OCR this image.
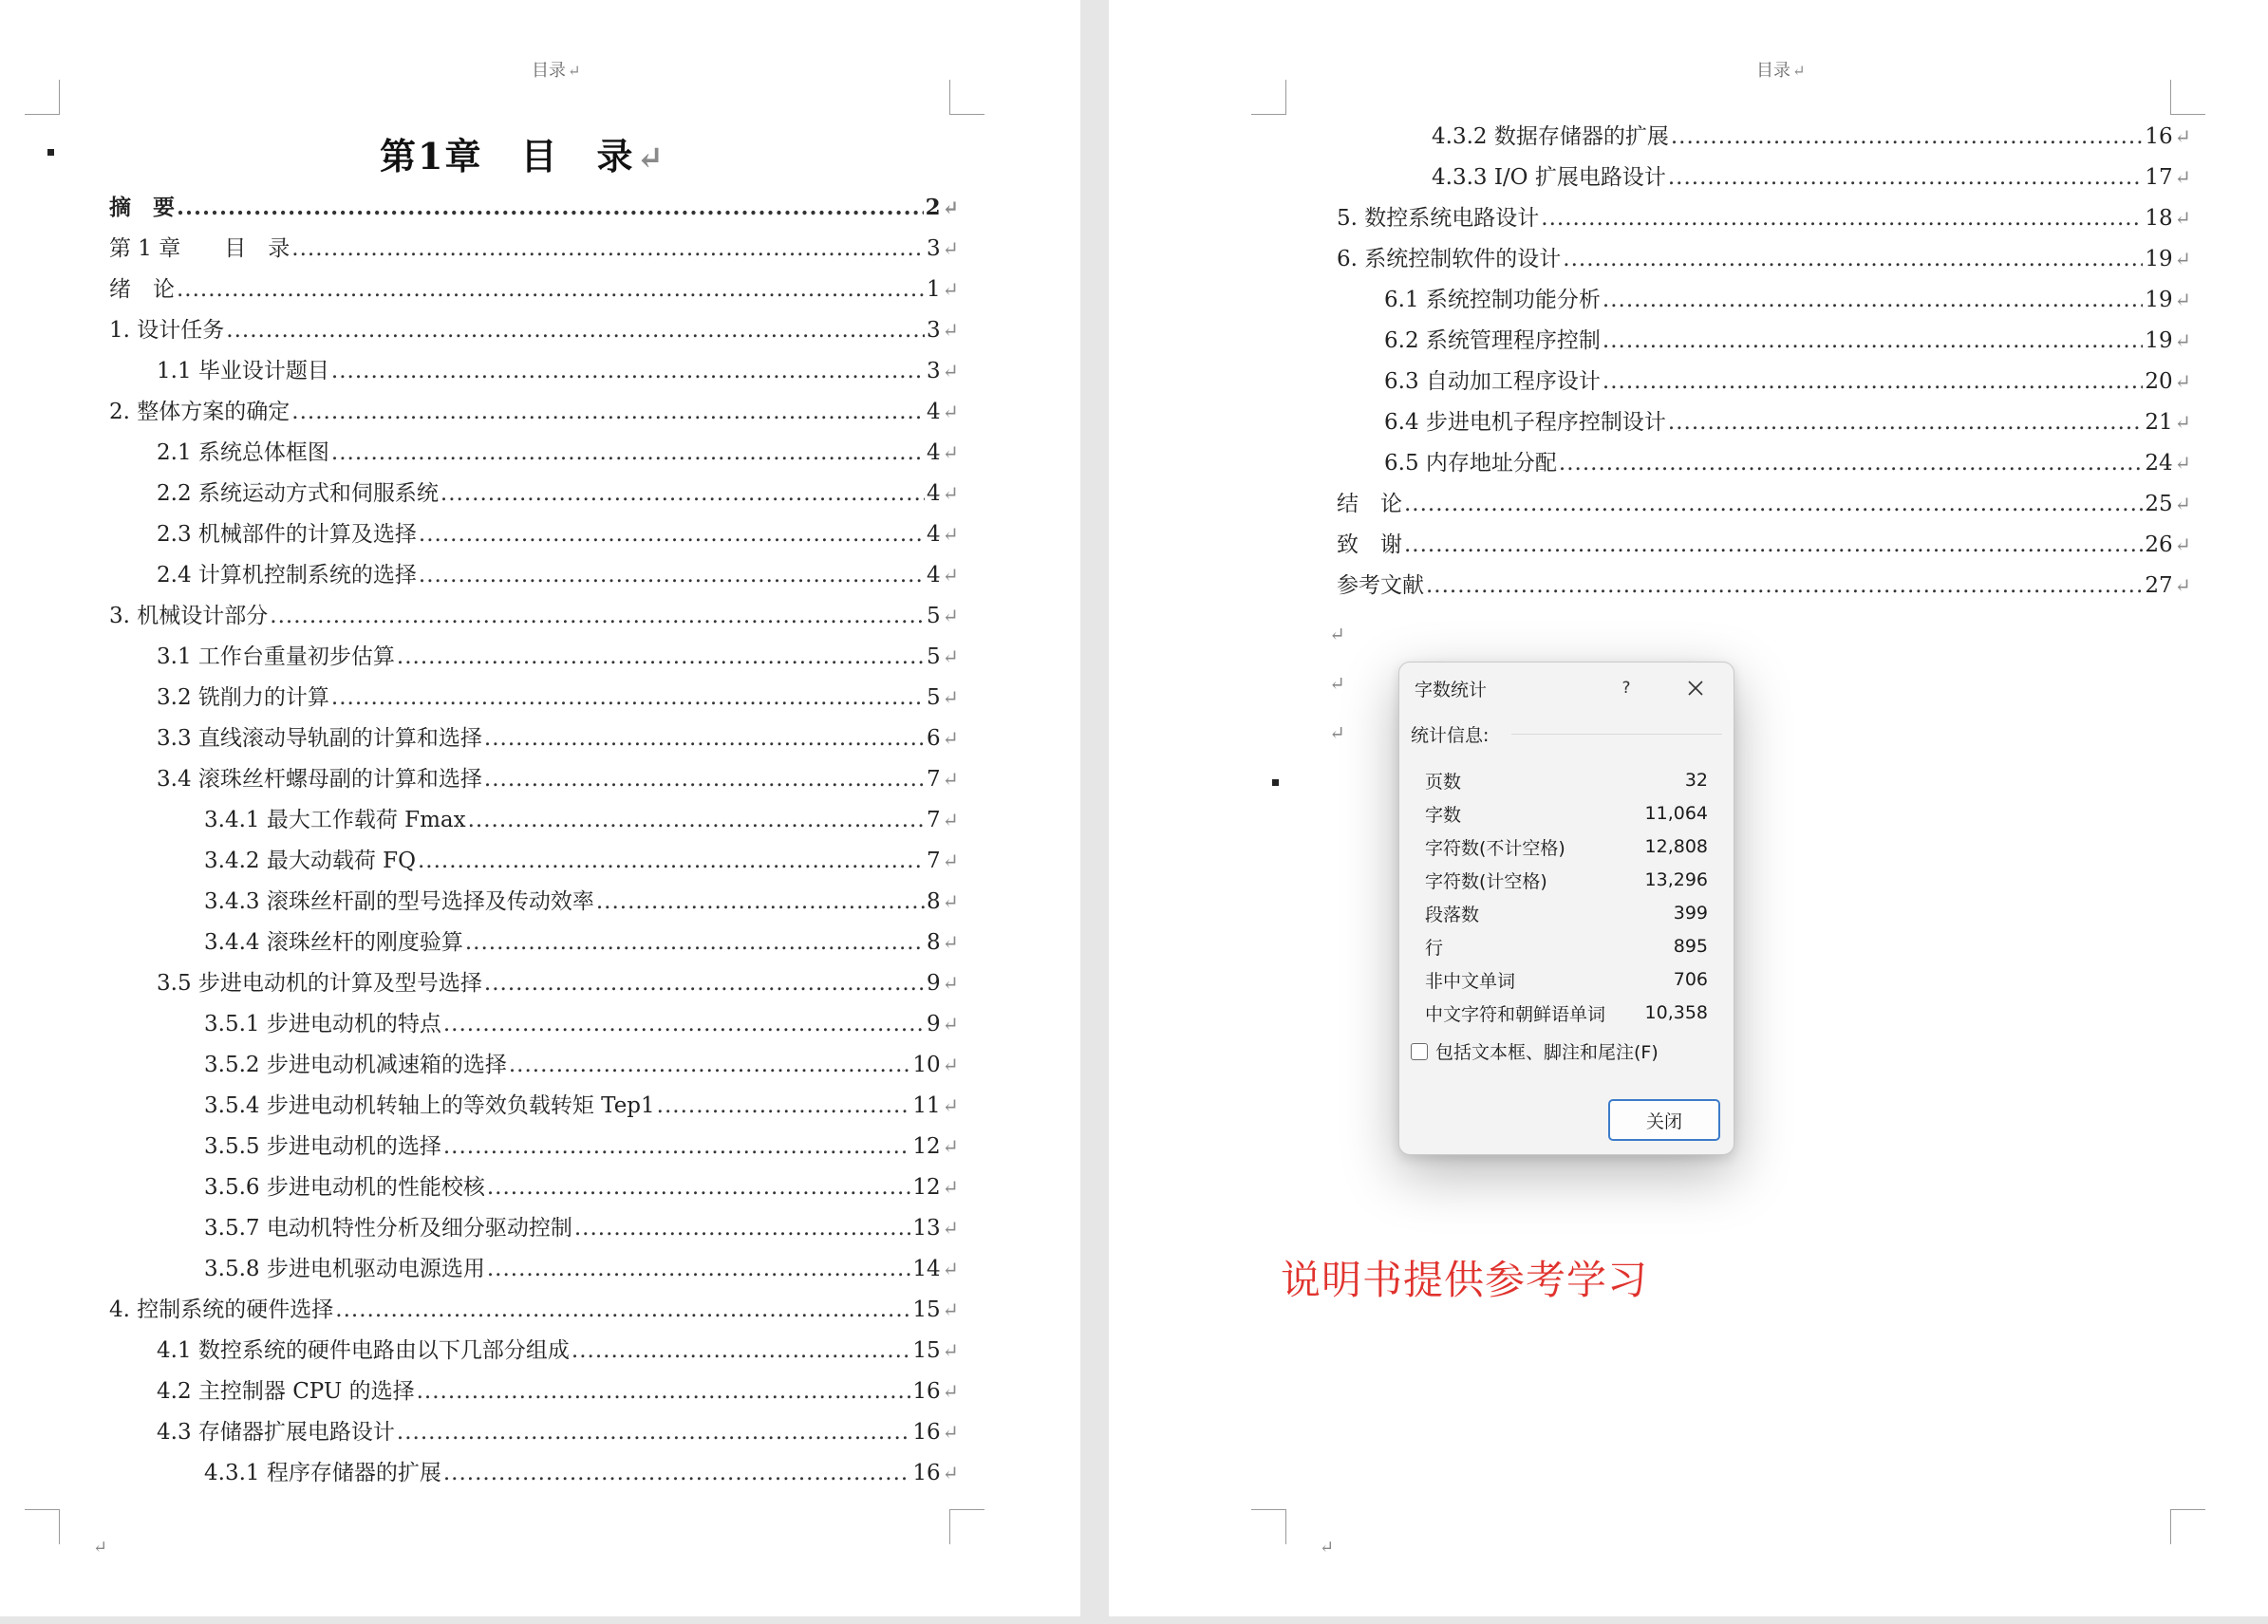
目录 ↵
第1章　目　录↵
摘　要 .....	2 ↵
第 1 章　　目　录 .....	3 ↵
绪　论 .....	1 ↵
1. 设计任务 .....	3 ↵
1.1 毕业设计题目 .....	3 ↵
2. 整体方案的确定 .....	4 ↵
2.1 系统总体框图 .....	4 ↵
2.2 系统运动方式和伺服系统 .....	4 ↵
2.3 机械部件的计算及选择 .....	4 ↵
2.4 计算机控制系统的选择 .....	4 ↵
3. 机械设计部分 .....	5 ↵
3.1 工作台重量初步估算 .....	5 ↵
3.2 铣削力的计算 .....	5 ↵
3.3 直线滚动导轨副的计算和选择 .....	6 ↵
3.4 滚珠丝杆螺母副的计算和选择 .....	7 ↵
3.4.1 最大工作载荷 Fmax .....	7 ↵
3.4.2 最大动载荷 FQ .....	7 ↵
3.4.3 滚珠丝杆副的型号选择及传动效率 .....	8 ↵
3.4.4 滚珠丝杆的刚度验算 .....	8 ↵
3.5 步进电动机的计算及型号选择 .....	9 ↵
3.5.1 步进电动机的特点 .....	9 ↵
3.5.2 步进电动机减速箱的选择 .....	10 ↵
3.5.4 步进电动机转轴上的等效负载转矩 Tep1 .....	11 ↵
3.5.5 步进电动机的选择 .....	12 ↵
3.5.6 步进电动机的性能校核 .....	12 ↵
3.5.7 电动机特性分析及细分驱动控制 .....	13 ↵
3.5.8 步进电机驱动电源选用 .....	14 ↵
4. 控制系统的硬件选择 .....	15 ↵
4.1 数控系统的硬件电路由以下几部分组成 .....	15 ↵
4.2 主控制器 CPU 的选择 .....	16 ↵
4.3 存储器扩展电路设计 .....	16 ↵
4.3.1 程序存储器的扩展 .....	16 ↵
↵
目录 ↵
4.3.2 数据存储器的扩展 .....	16 ↵
4.3.3 I/O 扩展电路设计 .....	17 ↵
5. 数控系统电路设计 .....	18 ↵
6. 系统控制软件的设计 .....	19 ↵
6.1 系统控制功能分析 .....	19 ↵
6.2 系统管理程序控制 .....	19 ↵
6.3 自动加工程序设计 .....	20 ↵
6.4 步进电机子程序控制设计 .....	21 ↵
6.5 内存地址分配 .....	24 ↵
结　论 .....	25 ↵
致　谢 .....	26 ↵
参考文献 .....	27 ↵
↵
↵
↵
↵
字数统计	?
统计信息:
页数	32
字数	11,064
字符数(不计空格)	12,808
字符数(计空格)	13,296
段落数	399
行	895
非中文单词	706
中文字符和朝鲜语单词 10,358
包括文本框、脚注和尾注(F)
关闭
说明书提供参考学习
